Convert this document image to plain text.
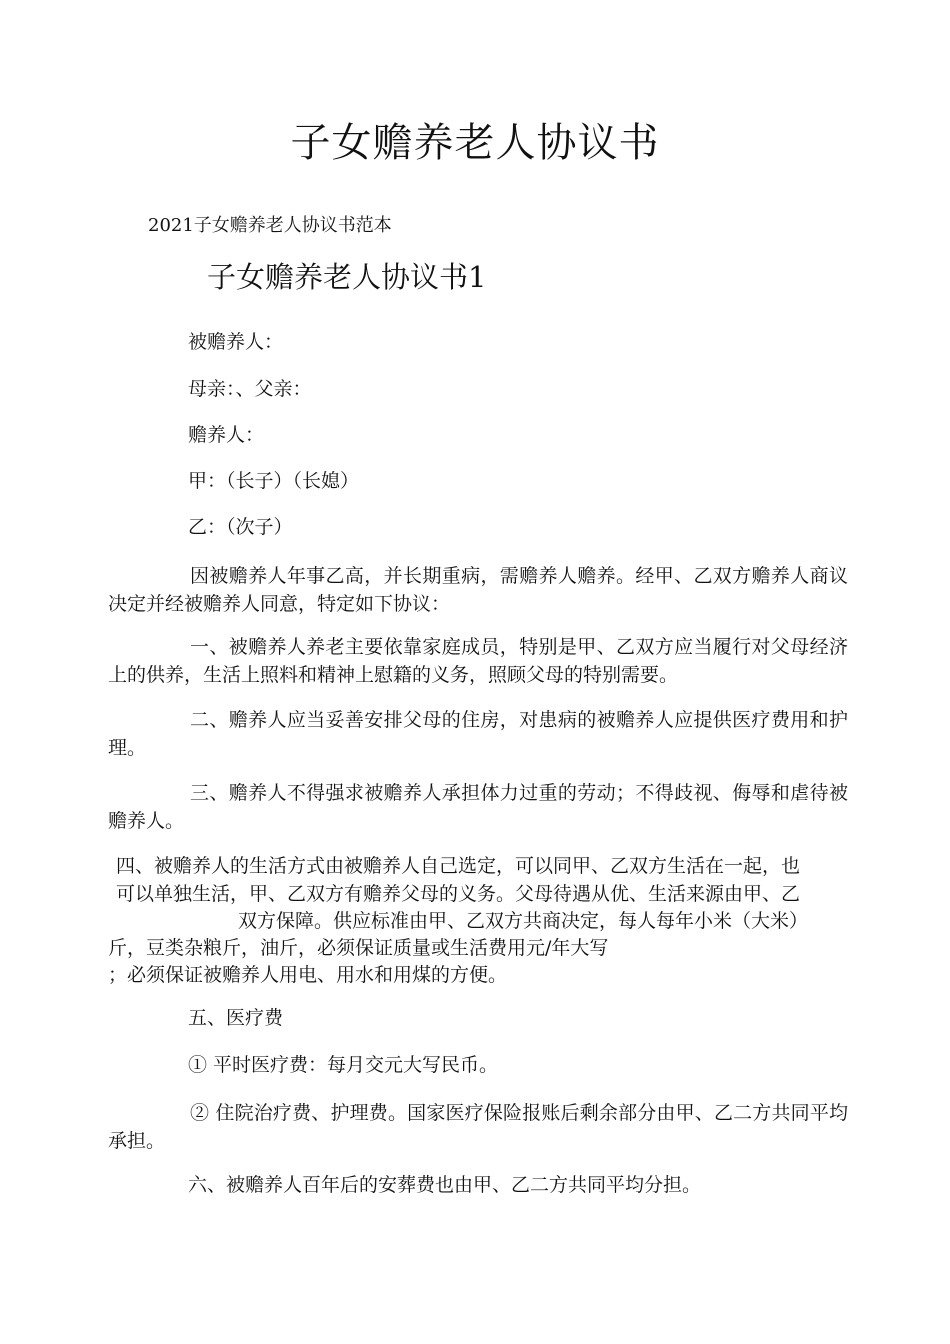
子女赡养老人协议书

2021子女赡养老人协议书范本

子女赡养老人协议书1

被赡养人：

母亲：、父亲：

赡养人：

甲：（长子）（长媳）

乙：（次子）

因被赡养人年事乙高，并长期重病，需赡养人赡养。经甲、乙双方赡养人商议决定并经被赡养人同意，特定如下协议：

一、被赡养人养老主要依靠家庭成员，特别是甲、乙双方应当履行对父母经济上的供养，生活上照料和精神上慰籍的义务，照顾父母的特别需要。

二、赡养人应当妥善安排父母的住房，对患病的被赡养人应提供医疗费用和护理。

三、赡养人不得强求被赡养人承担体力过重的劳动；不得歧视、侮辱和虐待被赡养人。

四、被赡养人的生活方式由被赡养人自己选定，可以同甲、乙双方生活在一起，也
可以单独生活，甲、乙双方有赡养父母的义务。父母待遇从优、生活来源由甲、乙
双方保障。供应标准由甲、乙双方共商决定，每人每年小米（大米）
斤，豆类杂粮斤，油斤，必须保证质量或生活费用元/年大写
；必须保证被赡养人用电、用水和用煤的方便。

五、医疗费

① 平时医疗费：每月交元大写民币。

② 住院治疗费、护理费。国家医疗保险报账后剩余部分由甲、乙二方共同平均承担。

六、被赡养人百年后的安葬费也由甲、乙二方共同平均分担。
